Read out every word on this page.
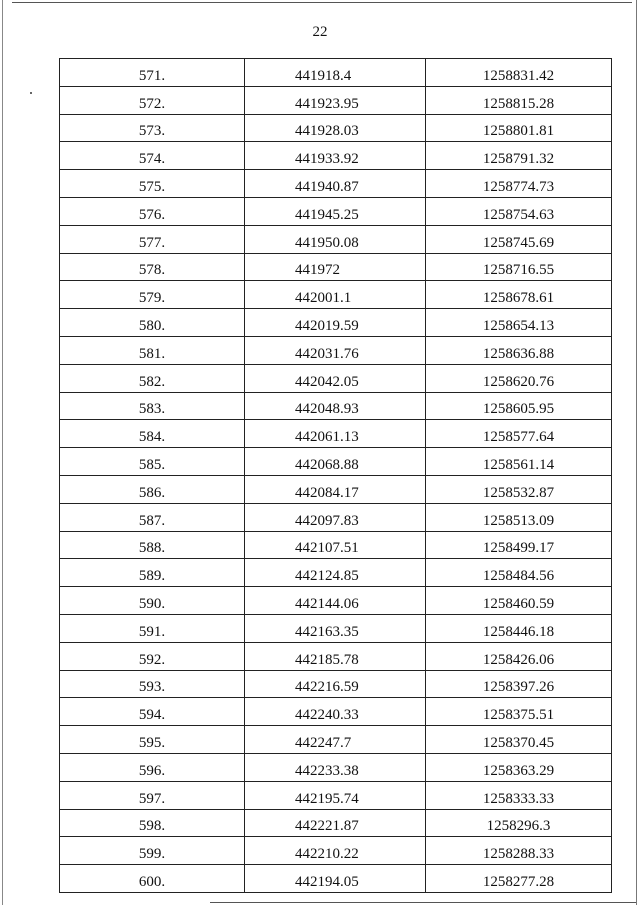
22
571.	441918.4	1258831.42
572.	441923.95	1258815.28
573.	441928.03	1258801.81
574.	441933.92	1258791.32
575.	441940.87	1258774.73
576.	441945.25	1258754.63
577.	441950.08	1258745.69
578.	441972	1258716.55
579.	442001.1	1258678.61
580.	442019.59	1258654.13
581.	442031.76	1258636.88
582.	442042.05	1258620.76
583.	442048.93	1258605.95
584.	442061.13	1258577.64
585.	442068.88	1258561.14
586.	442084.17	1258532.87
587.	442097.83	1258513.09
588.	442107.51	1258499.17
589.	442124.85	1258484.56
590.	442144.06	1258460.59
591.	442163.35	1258446.18
592.	442185.78	1258426.06
593.	442216.59	1258397.26
594.	442240.33	1258375.51
595.	442247.7	1258370.45
596.	442233.38	1258363.29
597.	442195.74	1258333.33
598.	442221.87	1258296.3
599.	442210.22	1258288.33
600.	442194.05	1258277.28
